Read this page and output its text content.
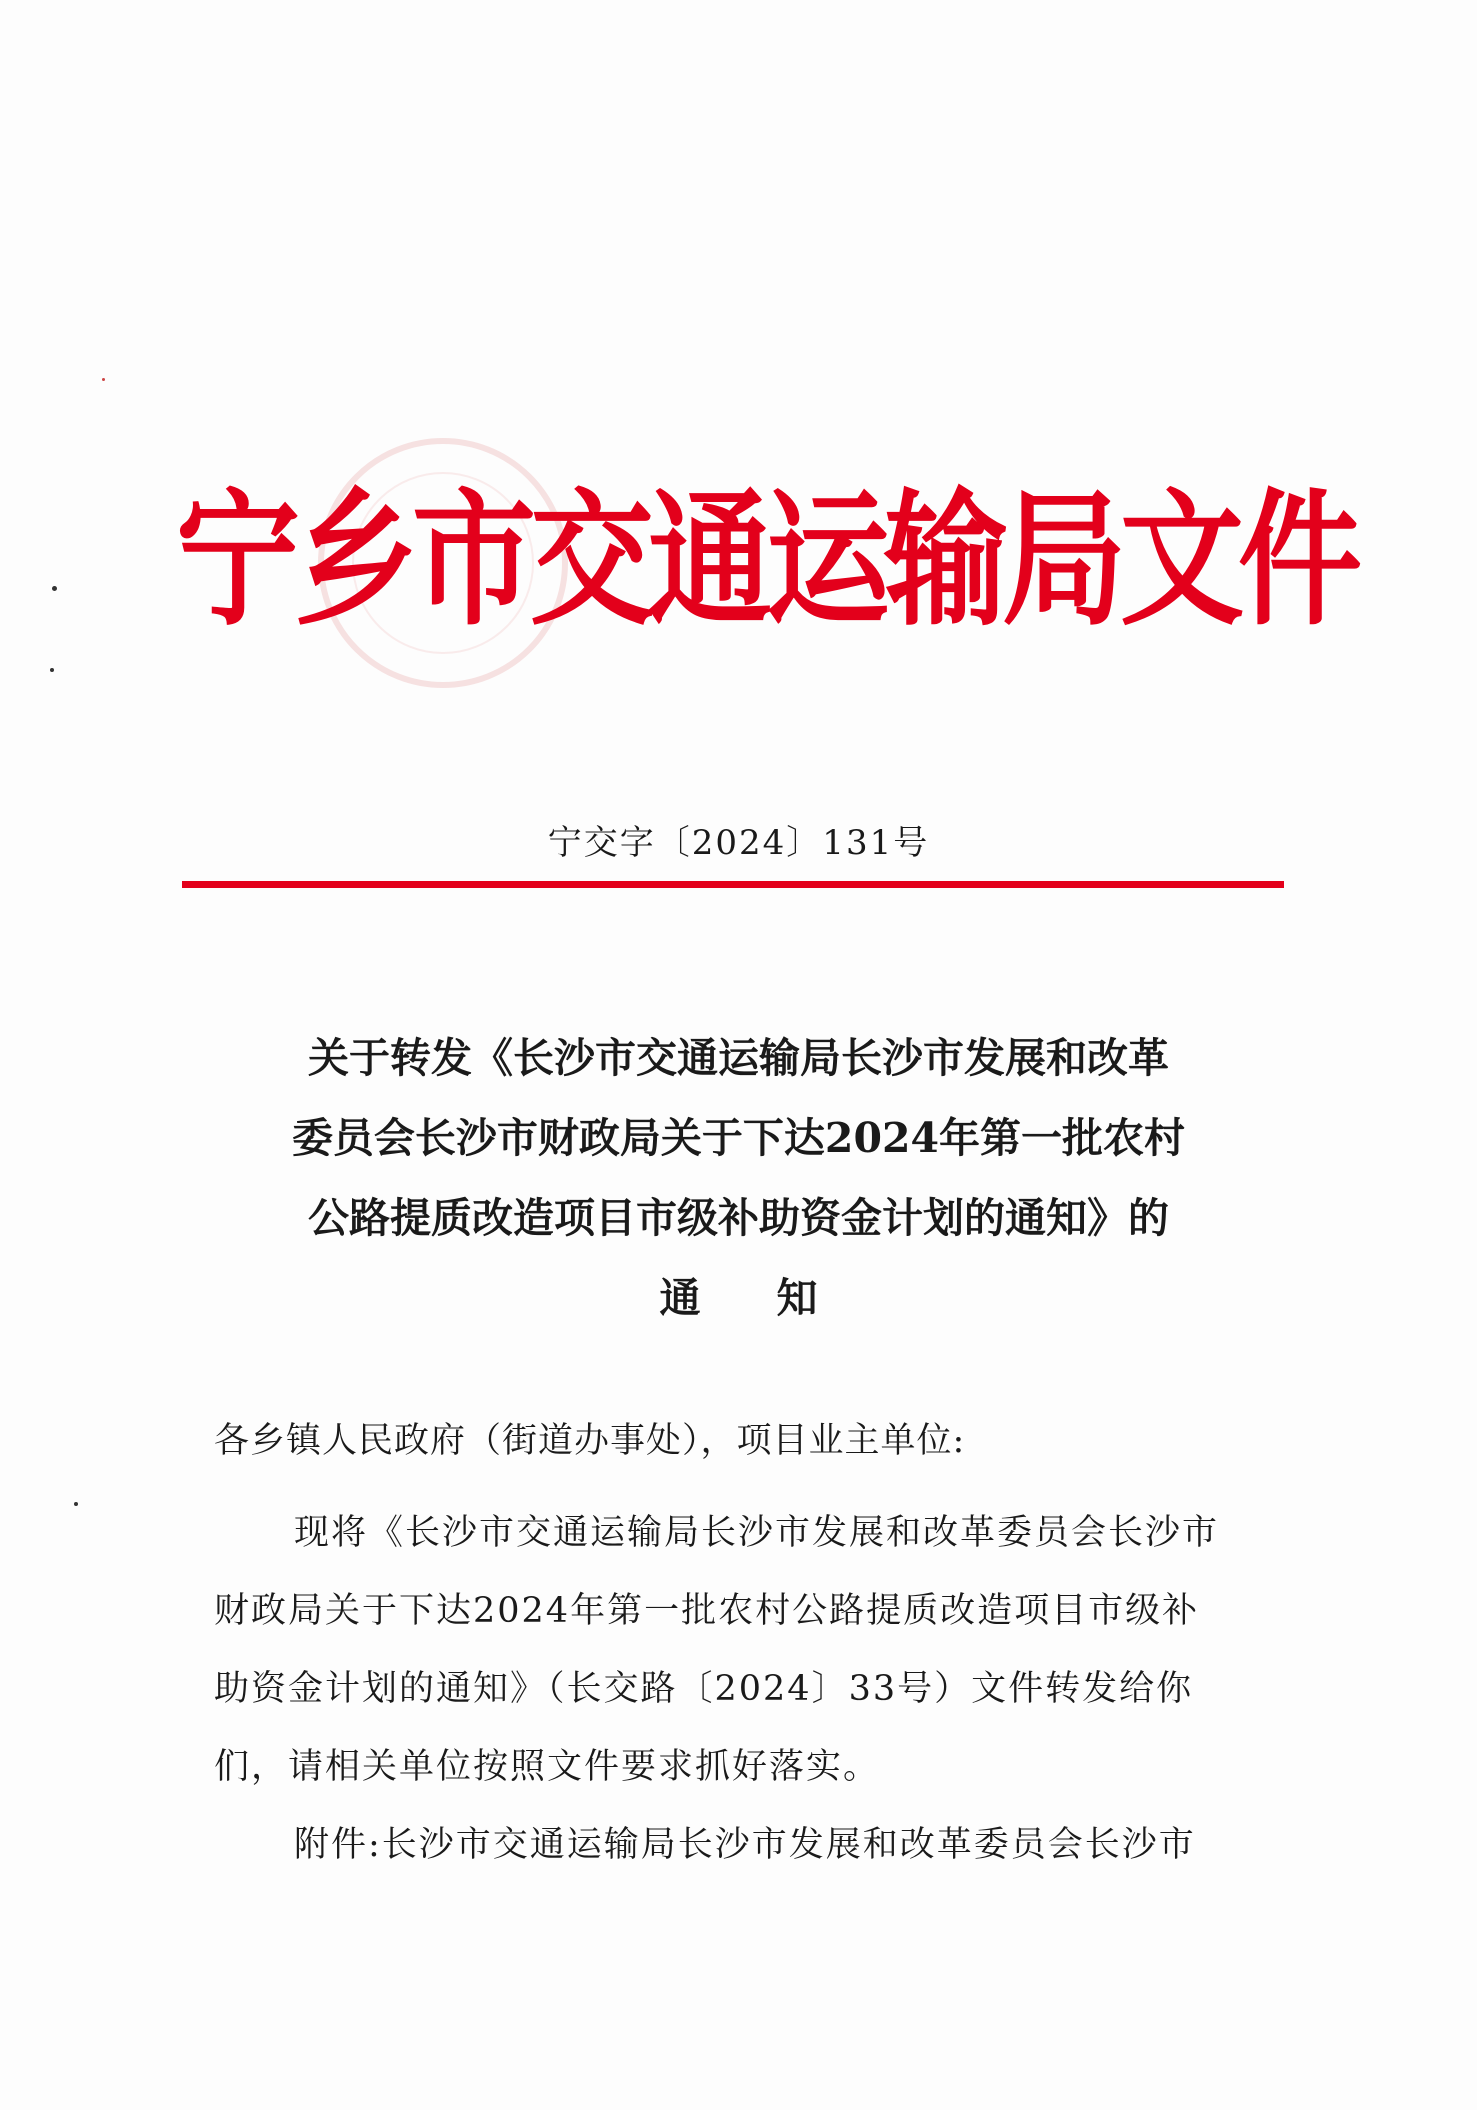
宁乡市交通运输局文件
宁交字〔2024〕131号
关于转发《长沙市交通运输局长沙市发展和改革
委员会长沙市财政局关于下达2024年第一批农村
公路提质改造项目市级补助资金计划的通知》的
通知
各乡镇人民政府（街道办事处），项目业主单位:
现将《长沙市交通运输局长沙市发展和改革委员会长沙市
财政局关于下达2024年第一批农村公路提质改造项目市级补
助资金计划的通知》（长交路〔2024〕33号）文件转发给你
们，请相关单位按照文件要求抓好落实。
附件:长沙市交通运输局长沙市发展和改革委员会长沙市
